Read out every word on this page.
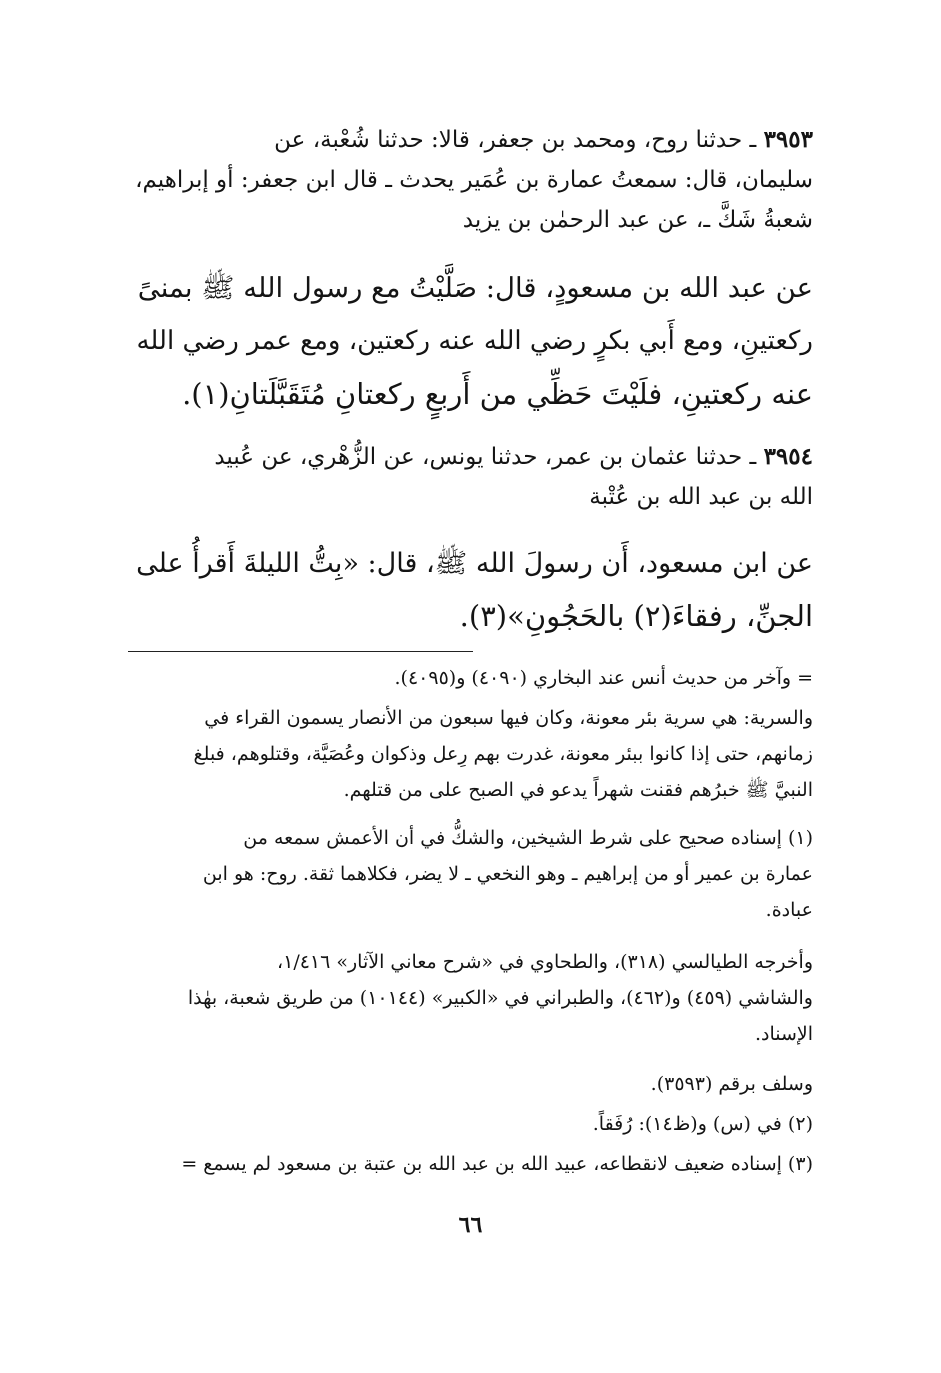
٣٩٥٣ ـ حدثنا روح، ومحمد بن جعفر، قالا: حدثنا شُعْبة، عن
سليمان، قال: سمعتُ عمارة بن عُمَير يحدث ـ قال ابن جعفر: أو إبراهيم،
شعبةُ شَكَّ ـ، عن عبد الرحمٰن بن يزيد

عن عبد الله بن مسعودٍ، قال: صَلَّيْتُ مع رسول الله ﷺ بمنىً
ركعتينِ، ومع أَبي بكرٍ رضي الله عنه ركعتين، ومع عمر رضي الله
عنه ركعتينِ، فلَيْتَ حَظِّي من أَربعٍ ركعتانِ مُتَقَبَّلَتانِ(١).

٣٩٥٤ ـ حدثنا عثمان بن عمر، حدثنا يونس، عن الزُّهْري، عن عُبيد
الله بن عبد الله بن عُتْبة

عن ابن مسعود، أَن رسولَ الله ﷺ، قال: «بِتُّ الليلةَ أَقرأُ على
الجنِّ، رفقاءَ(٢) بالحَجُونِ»(٣).

= وآخر من حديث أنس عند البخاري (٤٠٩٠) و(٤٠٩٥).

والسرية: هي سرية بئر معونة، وكان فيها سبعون من الأنصار يسمون القراء في
زمانهم، حتى إذا كانوا ببئر معونة، غدرت بهم رِعل وذكوان وعُصَيَّة، وقتلوهم، فبلغ
النبيَّ ﷺ خبرُهم فقنت شهراً يدعو في الصبح على من قتلهم.

(١) إسناده صحيح على شرط الشيخين، والشكُّ في أن الأعمش سمعه من
عمارة بن عمير أو من إبراهيم ـ وهو النخعي ـ لا يضر، فكلاهما ثقة. روح: هو ابن
عبادة.

وأخرجه الطيالسي (٣١٨)، والطحاوي في «شرح معاني الآثار» ١/٤١٦،
والشاشي (٤٥٩) و(٤٦٢)، والطبراني في «الكبير» (١٠١٤٤) من طريق شعبة، بهٰذا
الإسناد.

وسلف برقم (٣٥٩٣).

(٢) في (س) و(ظ١٤): رُفَقاً.

(٣) إسناده ضعيف لانقطاعه، عبيد الله بن عبد الله بن عتبة بن مسعود لم يسمع =

٦٦
